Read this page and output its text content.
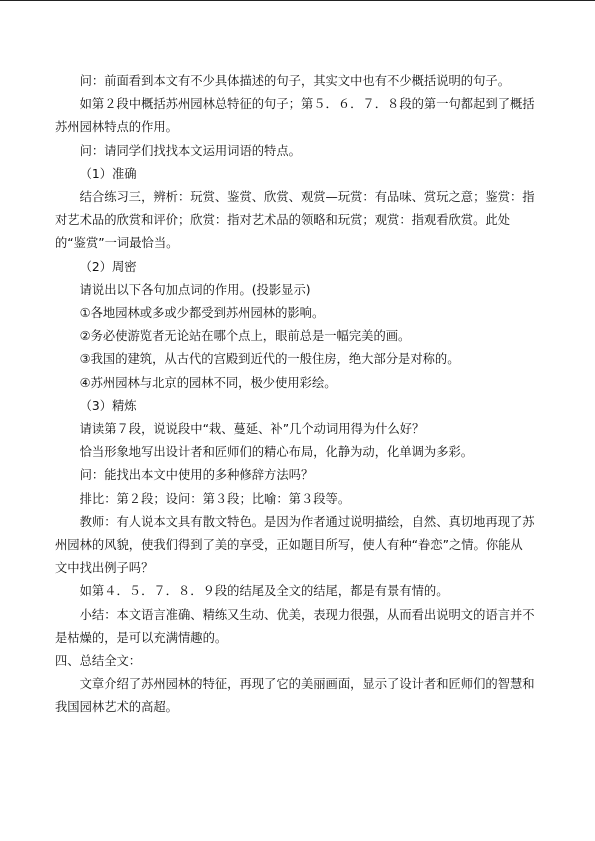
问：前面看到本文有不少具体描述的句子，其实文中也有不少概括说明的句子。

如第２段中概括苏州园林总特征的句子；第５．６．７．８段的第一句都起到了概括苏州园林特点的作用。

问：请同学们找找本文运用词语的特点。

（1）准确

结合练习三，辨析：玩赏、鉴赏、欣赏、观赏—玩赏：有品味、赏玩之意；鉴赏：指对艺术品的欣赏和评价；欣赏：指对艺术品的领略和玩赏；观赏：指观看欣赏。此处的“鉴赏”一词最恰当。

（2）周密

请说出以下各句加点词的作用。(投影显示)

①各地园林或多或少都受到苏州园林的影响。

②务必使游览者无论站在哪个点上，眼前总是一幅完美的画。

③我国的建筑，从古代的宫殿到近代的一般住房，绝大部分是对称的。

④苏州园林与北京的园林不同，极少使用彩绘。

（3）精炼

请读第７段，说说段中“栽、蔓延、补”几个动词用得为什么好？

恰当形象地写出设计者和匠师们的精心布局，化静为动，化单调为多彩。

问：能找出本文中使用的多种修辞方法吗？

排比：第２段；设问：第３段；比喻：第３段等。

教师：有人说本文具有散文特色。是因为作者通过说明描绘，自然、真切地再现了苏州园林的风貌，使我们得到了美的享受，正如题目所写，使人有种“眷恋”之情。你能从文中找出例子吗？

如第４．５．７．８．９段的结尾及全文的结尾，都是有景有情的。

小结：本文语言准确、精练又生动、优美，表现力很强，从而看出说明文的语言并不是枯燥的，是可以充满情趣的。

四、总结全文：

文章介绍了苏州园林的特征，再现了它的美丽画面，显示了设计者和匠师们的智慧和我国园林艺术的高超。
